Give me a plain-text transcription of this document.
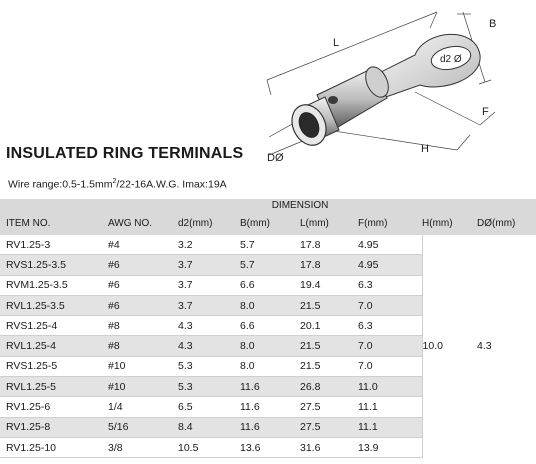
L
B
F
H
DØ
d2 Ø
INSULATED RING TERMINALS
Wire $range:0.5-1.5mm^2/22-16A.W.G$. Imax:19A
		DIMENSION					
ITEM NO.	AWG NO.	d2(mm)	B(mm)	L(mm)	F(mm)	H(mm)	DØ(mm)
RV1.25-3	#4	3.2	5.7	17.8	4.95	10.0	4.3
RVS1.25-3.5	#6	3.7	5.7	17.8	4.95		
RVM1.25-3.5	#6	3.7	6.6	19.4	6.3		
RVL1.25-3.5	#6	3.7	8.0	21.5	7.0		
RVS1.25-4	#8	4.3	6.6	20.1	6.3		
RVL1.25-4	#8	4.3	8.0	21.5	7.0		
RVS1.25-5	#10	5.3	8.0	21.5	7.0		
RVL1.25-5	#10	5.3	11.6	26.8	11.0		
RV1.25-6	1/4	6.5	11.6	27.5	11.1		
RV1.25-8	5/16	8.4	11.6	27.5	11.1		
RV1.25-10	3/8	10.5	13.6	31.6	13.9		
